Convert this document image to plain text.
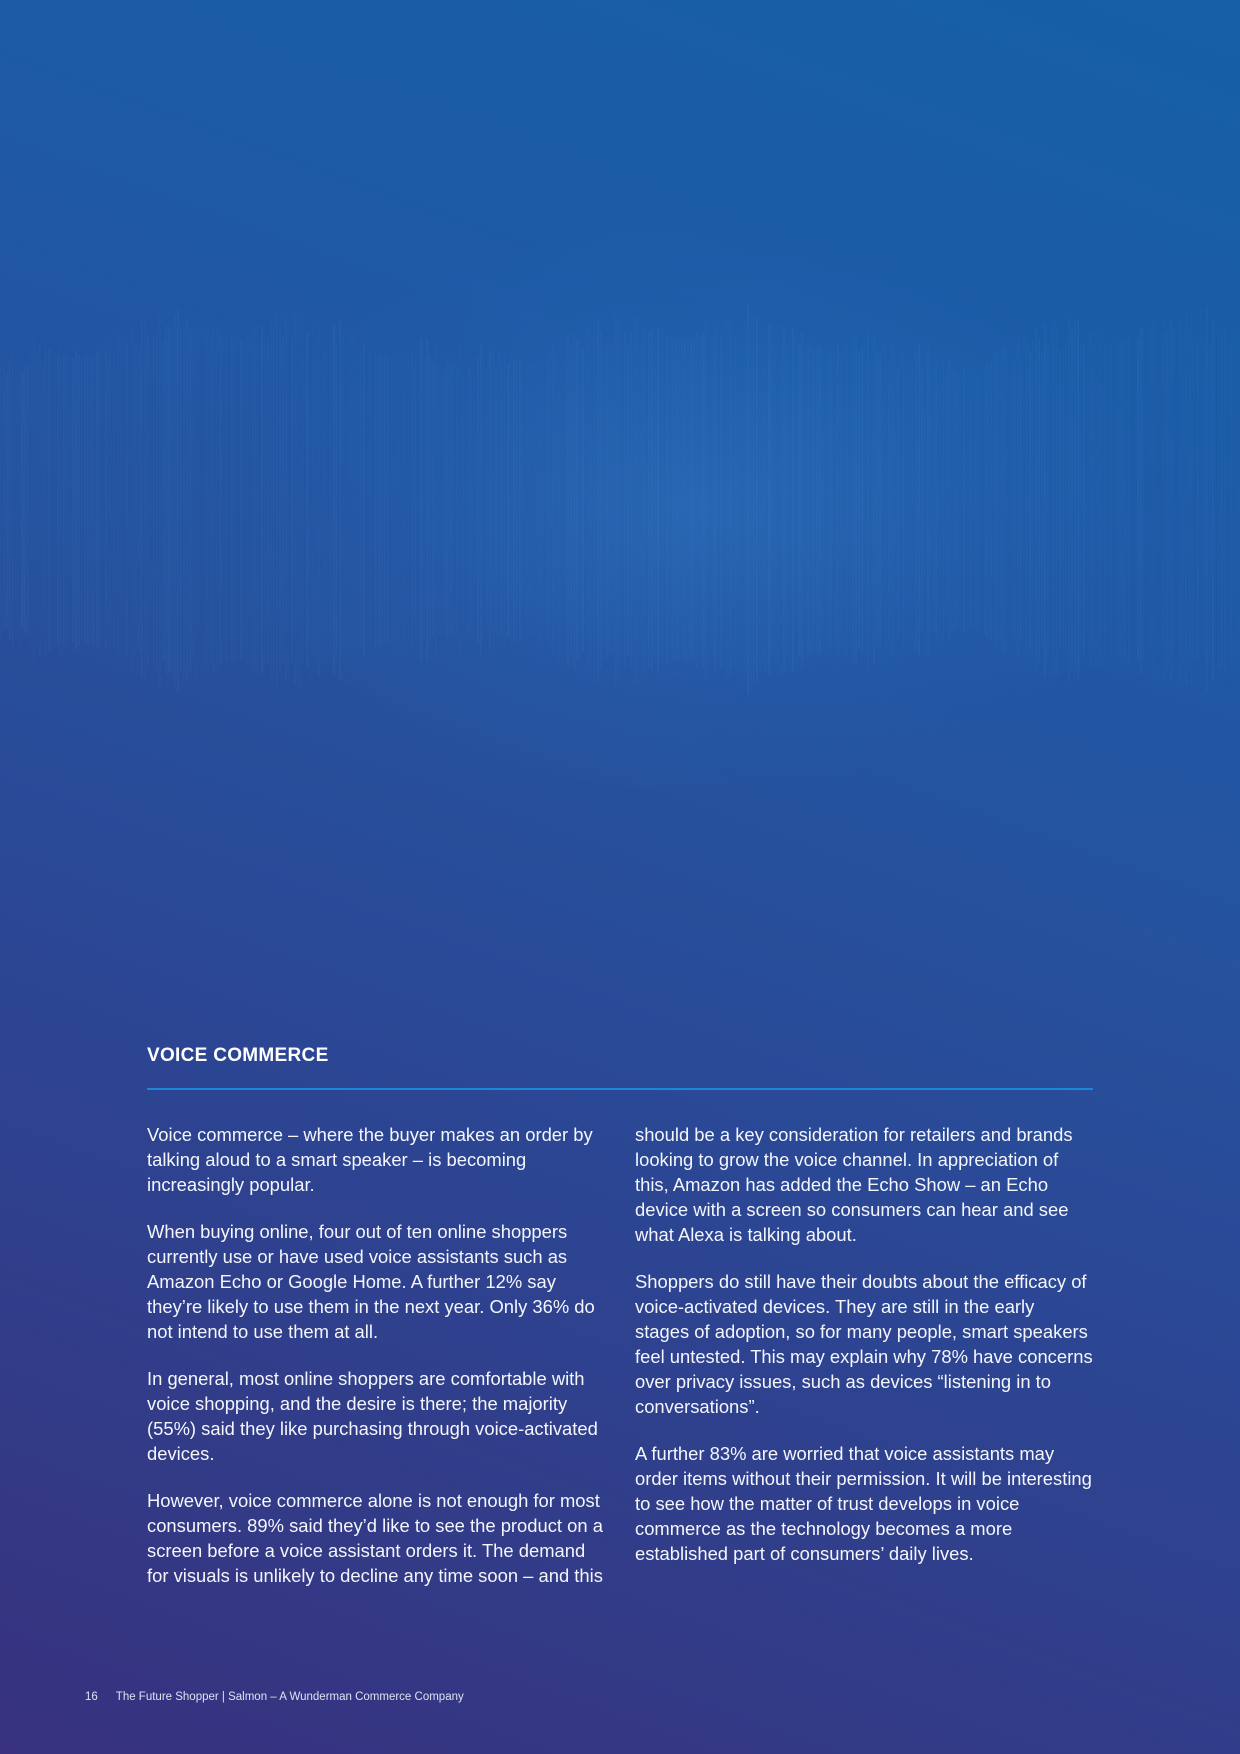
VOICE COMMERCE

Voice commerce – where the buyer makes an order by talking aloud to a smart speaker – is becoming increasingly popular.

When buying online, four out of ten online shoppers currently use or have used voice assistants such as Amazon Echo or Google Home. A further 12% say they’re likely to use them in the next year. Only 36% do not intend to use them at all.

In general, most online shoppers are comfortable with voice shopping, and the desire is there; the majority (55%) said they like purchasing through voice-activated devices.

However, voice commerce alone is not enough for most consumers. 89% said they’d like to see the product on a screen before a voice assistant orders it. The demand for visuals is unlikely to decline any time soon – and this

should be a key consideration for retailers and brands looking to grow the voice channel. In appreciation of this, Amazon has added the Echo Show – an Echo device with a screen so consumers can hear and see what Alexa is talking about.

Shoppers do still have their doubts about the efficacy of voice-activated devices. They are still in the early stages of adoption, so for many people, smart speakers feel untested. This may explain why 78% have concerns over privacy issues, such as devices “listening in to conversations”.

A further 83% are worried that voice assistants may order items without their permission. It will be interesting to see how the matter of trust develops in voice commerce as the technology becomes a more established part of consumers’ daily lives.

16 The Future Shopper | Salmon – A Wunderman Commerce Company
